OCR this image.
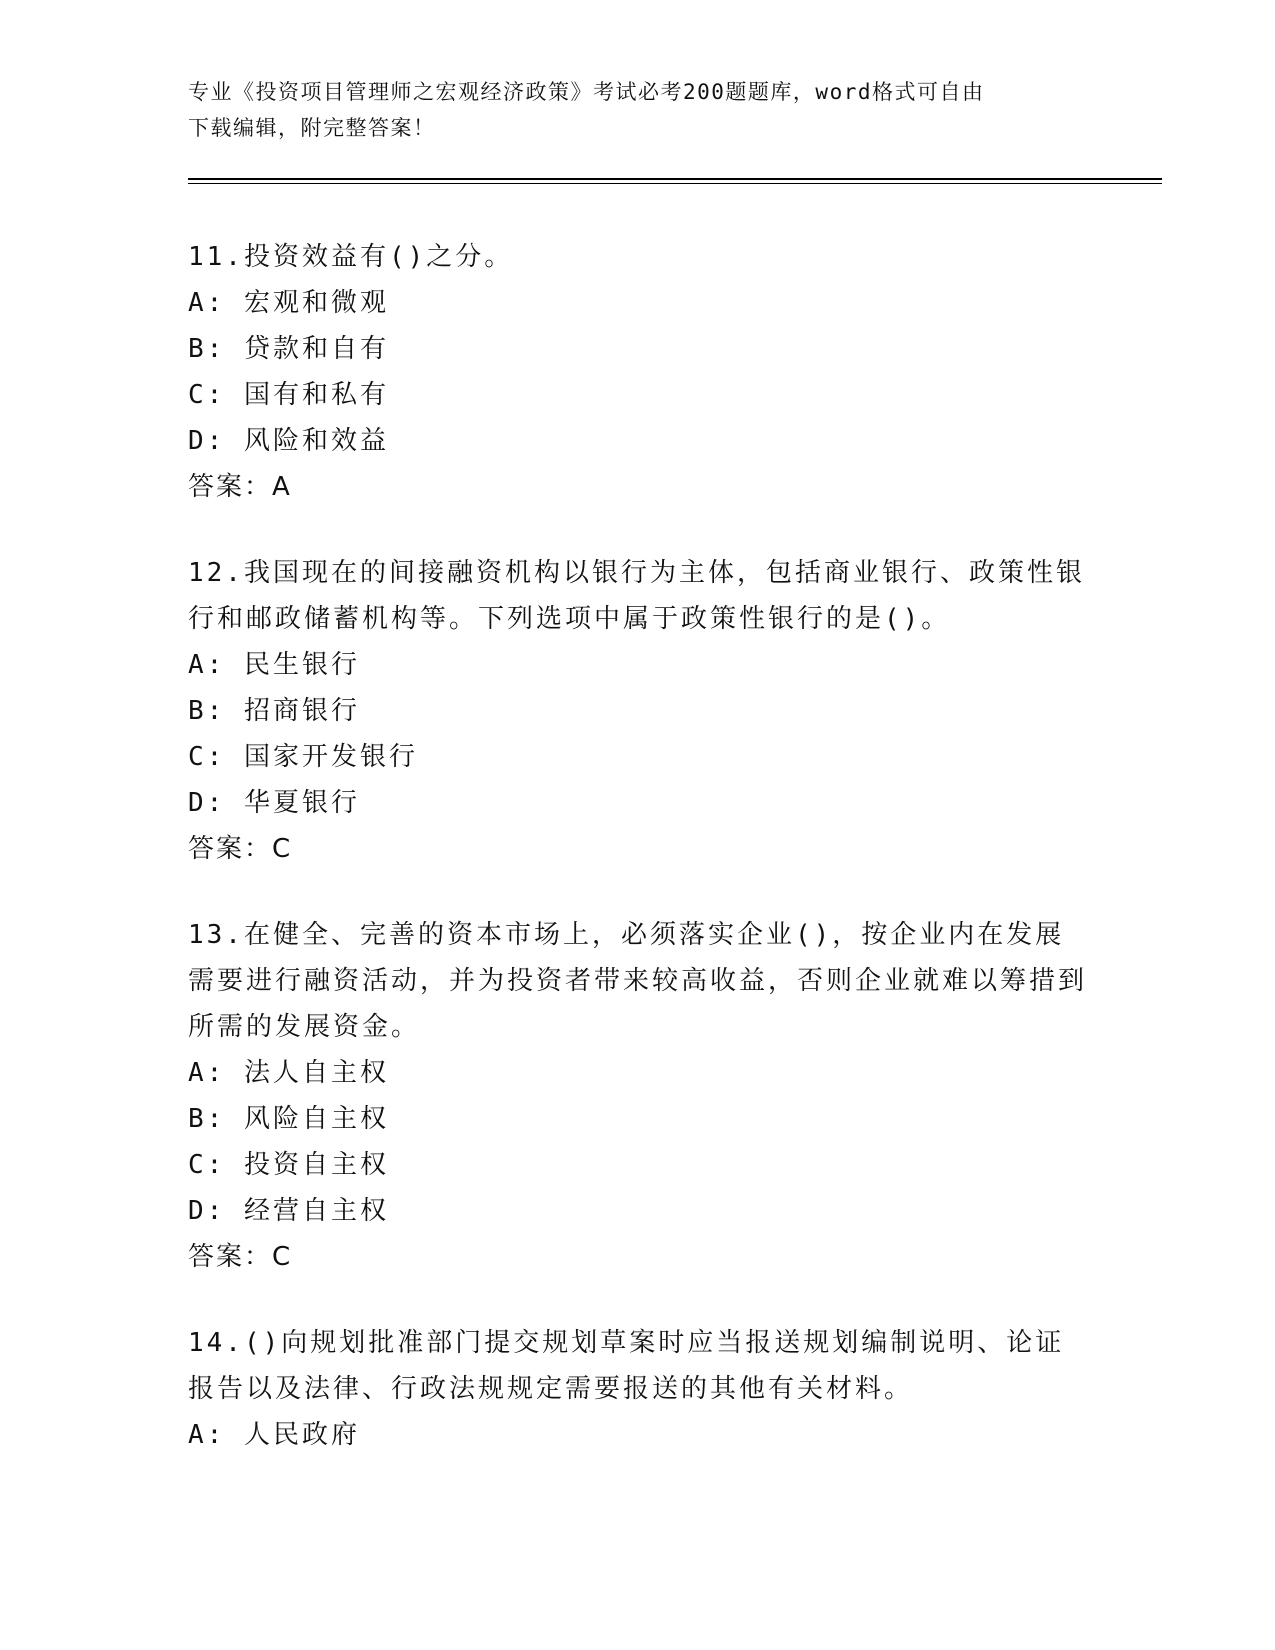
专业《投资项目管理师之宏观经济政策》考试必考200题题库，word格式可自由
下载编辑，附完整答案！
11.投资效益有()之分。
A: 宏观和微观
B: 贷款和自有
C: 国有和私有
D: 风险和效益
答案：A
12.我国现在的间接融资机构以银行为主体，包括商业银行、政策性银行和邮政储蓄机构等。下列选项中属于政策性银行的是()。
A: 民生银行
B: 招商银行
C: 国家开发银行
D: 华夏银行
答案：C
13.在健全、完善的资本市场上，必须落实企业()，按企业内在发展需要进行融资活动，并为投资者带来较高收益，否则企业就难以筹措到所需的发展资金。
A: 法人自主权
B: 风险自主权
C: 投资自主权
D: 经营自主权
答案：C
14.()向规划批准部门提交规划草案时应当报送规划编制说明、论证报告以及法律、行政法规规定需要报送的其他有关材料。
A: 人民政府
